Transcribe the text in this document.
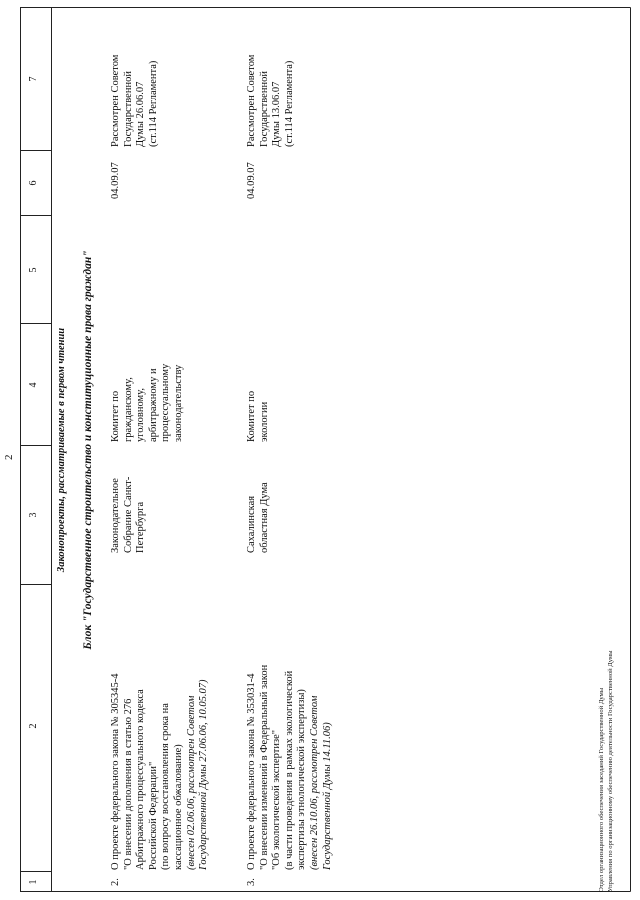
2
1
2
3
4
5
6
7
Законопроекты, рассматриваемые в первом чтении Блок "Государственное строительство и конституционные права граждан"
2.
О проекте федерального закона № 305345-4 "О внесении дополнения в статью 276 Арбитражного процессуального кодекса Российской Федерации" (по вопросу восстановления срока на кассационное обжалование) (внесен 02.06.06, рассмотрен Советом Государственной Думы 27.06.06, 10.05.07)
Законодательное Собрание Санкт- Петербурга
Комитет по гражданскому, уголовному, арбитражному и процессуальному законодательству
04.09.07
Рассмотрен Советом Государственной Думы 26.06.07 (ст.114 Регламента)
3.
О проекте федерального закона № 353031-4 "О внесении изменений в Федеральный закон "Об экологической экспертизе" (в части проведения в рамках экологической экспертизы этнологической экспертизы) (внесен 26.10.06, рассмотрен Советом Государственной Думы 14.11.06)
Сахалинская областная Дума
Комитет по экологии
04.09.07
Рассмотрен Советом Государственной Думы 13.06.07 (ст.114 Регламента)
Отдел организационного обеспечения заседаний Государственной Думы Управления по организационному обеспечению деятельности Государственной Думы
